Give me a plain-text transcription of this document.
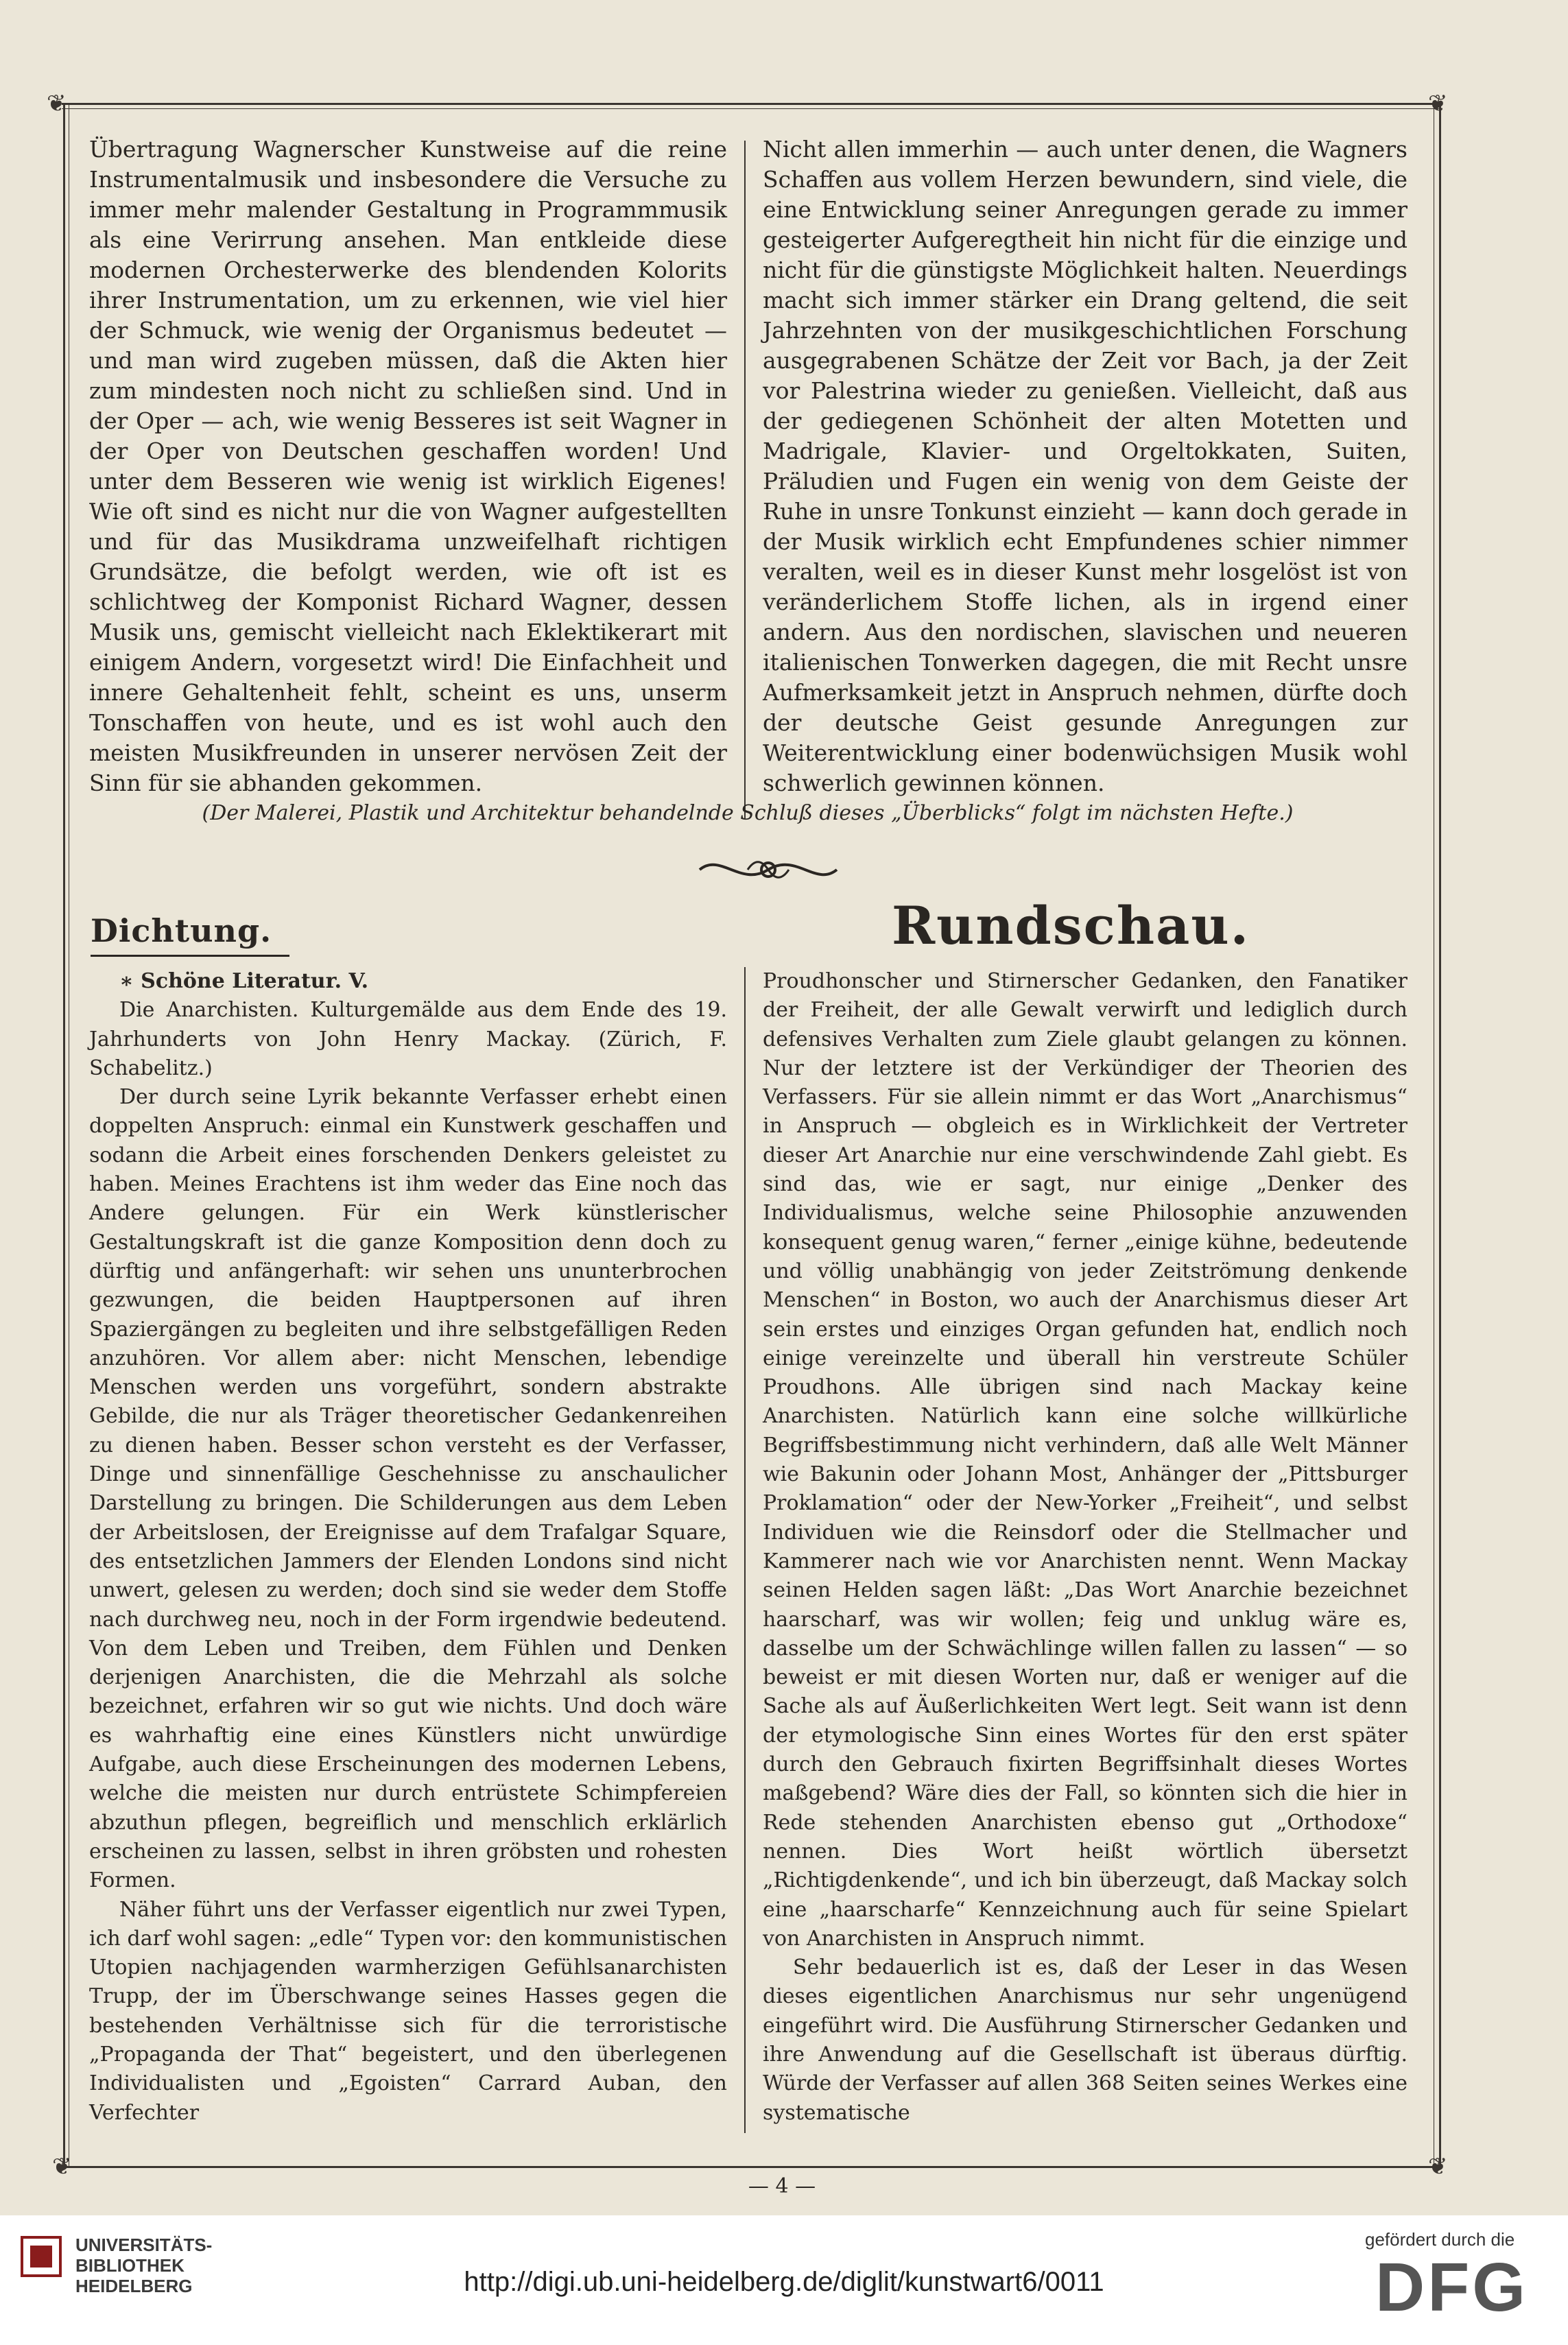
❦	❦
❦	❦

Übertragung Wagnerscher Kunstweise auf die reine Instrumentalmusik und insbesondere die Versuche zu immer mehr malender Gestaltung in Programmmusik als eine Verirrung ansehen. Man entkleide diese modernen Orchesterwerke des blendenden Kolorits ihrer Instrumentation, um zu erkennen, wie viel hier der Schmuck, wie wenig der Organismus bedeutet — und man wird zugeben müssen, daß die Akten hier zum mindesten noch nicht zu schließen sind. Und in der Oper — ach, wie wenig Besseres ist seit Wagner in der Oper von Deutschen geschaffen worden! Und unter dem Besseren wie wenig ist wirklich Eigenes! Wie oft sind es nicht nur die von Wagner aufgestellten und für das Musikdrama unzweifelhaft richtigen Grundsätze, die befolgt werden, wie oft ist es schlichtweg der Komponist Richard Wagner, dessen Musik uns, gemischt vielleicht nach Eklektikerart mit einigem Andern, vorgesetzt wird! Die Einfachheit und innere Gehaltenheit fehlt, scheint es uns, unserm Tonschaffen von heute, und es ist wohl auch den meisten Musikfreunden in unserer nervösen Zeit der Sinn für sie abhanden gekommen.

Nicht allen immerhin — auch unter denen, die Wagners Schaffen aus vollem Herzen bewundern, sind viele, die eine Entwicklung seiner Anregungen gerade zu immer gesteigerter Aufgeregtheit hin nicht für die einzige und nicht für die günstigste Möglichkeit halten. Neuerdings macht sich immer stärker ein Drang geltend, die seit Jahrzehnten von der musikgeschichtlichen Forschung ausgegrabenen Schätze der Zeit vor Bach, ja der Zeit vor Palestrina wieder zu genießen. Vielleicht, daß aus der gediegenen Schönheit der alten Motetten und Madrigale, Klavier- und Orgeltokkaten, Suiten, Präludien und Fugen ein wenig von dem Geiste der Ruhe in unsre Tonkunst einzieht — kann doch gerade in der Musik wirklich echt Empfundenes schier nimmer veralten, weil es in dieser Kunst mehr losgelöst ist von veränderlichem Stoffe lichen, als in irgend einer andern. Aus den nordischen, slavischen und neueren italienischen Tonwerken dagegen, die mit Recht unsre Aufmerksamkeit jetzt in Anspruch nehmen, dürfte doch der deutsche Geist gesunde Anregungen zur Weiterentwicklung einer bodenwüchsigen Musik wohl schwerlich gewinnen können.

(Der Malerei, Plastik und Architektur behandelnde Schluß dieses „Überblicks“ folgt im nächsten Hefte.)
Dichtung.	Rundschau.

∗ Schöne Literatur. V.

Die Anarchisten. Kulturgemälde aus dem Ende des 19. Jahrhunderts von John Henry Mackay. (Zürich, F. Schabelitz.)

Der durch seine Lyrik bekannte Verfasser erhebt einen doppelten Anspruch: einmal ein Kunstwerk geschaffen und sodann die Arbeit eines forschenden Denkers geleistet zu haben. Meines Erachtens ist ihm weder das Eine noch das Andere gelungen. Für ein Werk künstlerischer Gestaltungskraft ist die ganze Komposition denn doch zu dürftig und anfängerhaft: wir sehen uns ununterbrochen gezwungen, die beiden Hauptpersonen auf ihren Spaziergängen zu begleiten und ihre selbstgefälligen Reden anzuhören. Vor allem aber: nicht Menschen, lebendige Menschen werden uns vorgeführt, sondern abstrakte Gebilde, die nur als Träger theoretischer Gedankenreihen zu dienen haben. Besser schon versteht es der Verfasser, Dinge und sinnenfällige Geschehnisse zu anschaulicher Darstellung zu bringen. Die Schilderungen aus dem Leben der Arbeitslosen, der Ereignisse auf dem Trafalgar Square, des entsetzlichen Jammers der Elenden Londons sind nicht unwert, gelesen zu werden; doch sind sie weder dem Stoffe nach durchweg neu, noch in der Form irgendwie bedeutend. Von dem Leben und Treiben, dem Fühlen und Denken derjenigen Anarchisten, die die Mehrzahl als solche bezeichnet, erfahren wir so gut wie nichts. Und doch wäre es wahrhaftig eine eines Künstlers nicht unwürdige Aufgabe, auch diese Erscheinungen des modernen Lebens, welche die meisten nur durch entrüstete Schimpfereien abzuthun pflegen, begreiflich und menschlich erklärlich erscheinen zu lassen, selbst in ihren gröbsten und rohesten Formen.

Näher führt uns der Verfasser eigentlich nur zwei Typen, ich darf wohl sagen: „edle“ Typen vor: den kommunistischen Utopien nachjagenden warmherzigen Gefühlsanarchisten Trupp, der im Überschwange seines Hasses gegen die bestehenden Verhältnisse sich für die terroristische „Propaganda der That“ begeistert, und den überlegenen Individualisten und „Egoisten“ Carrard Auban, den Verfechter

Proudhonscher und Stirnerscher Gedanken, den Fanatiker der Freiheit, der alle Gewalt verwirft und lediglich durch defensives Verhalten zum Ziele glaubt gelangen zu können. Nur der letztere ist der Verkündiger der Theorien des Verfassers. Für sie allein nimmt er das Wort „Anarchismus“ in Anspruch — obgleich es in Wirklichkeit der Vertreter dieser Art Anarchie nur eine verschwindende Zahl giebt. Es sind das, wie er sagt, nur einige „Denker des Individualismus, welche seine Philosophie anzuwenden konsequent genug waren,“ ferner „einige kühne, bedeutende und völlig unabhängig von jeder Zeitströmung denkende Menschen“ in Boston, wo auch der Anarchismus dieser Art sein erstes und einziges Organ gefunden hat, endlich noch einige vereinzelte und überall hin verstreute Schüler Proudhons. Alle übrigen sind nach Mackay keine Anarchisten. Natürlich kann eine solche willkürliche Begriffsbestimmung nicht verhindern, daß alle Welt Männer wie Bakunin oder Johann Most, Anhänger der „Pittsburger Proklamation“ oder der New-Yorker „Freiheit“, und selbst Individuen wie die Reinsdorf oder die Stellmacher und Kammerer nach wie vor Anarchisten nennt. Wenn Mackay seinen Helden sagen läßt: „Das Wort Anarchie bezeichnet haarscharf, was wir wollen; feig und unklug wäre es, dasselbe um der Schwächlinge willen fallen zu lassen“ — so beweist er mit diesen Worten nur, daß er weniger auf die Sache als auf Äußerlichkeiten Wert legt. Seit wann ist denn der etymologische Sinn eines Wortes für den erst später durch den Gebrauch fixirten Begriffsinhalt dieses Wortes maßgebend? Wäre dies der Fall, so könnten sich die hier in Rede stehenden Anarchisten ebenso gut „Orthodoxe“ nennen. Dies Wort heißt wörtlich übersetzt „Richtigdenkende“, und ich bin überzeugt, daß Mackay solch eine „haarscharfe“ Kennzeichnung auch für seine Spielart von Anarchisten in Anspruch nimmt.

Sehr bedauerlich ist es, daß der Leser in das Wesen dieses eigentlichen Anarchismus nur sehr ungenügend eingeführt wird. Die Ausführung Stirnerscher Gedanken und ihre Anwendung auf die Gesellschaft ist überaus dürftig. Würde der Verfasser auf allen 368 Seiten seines Werkes eine systematische

— 4 —
UNIVERSITÄTS-
BIBLIOTHEK
HEIDELBERG	http://digi.ub.uni-heidelberg.de/diglit/kunstwart6/0011
gefördert durch die
DFG
